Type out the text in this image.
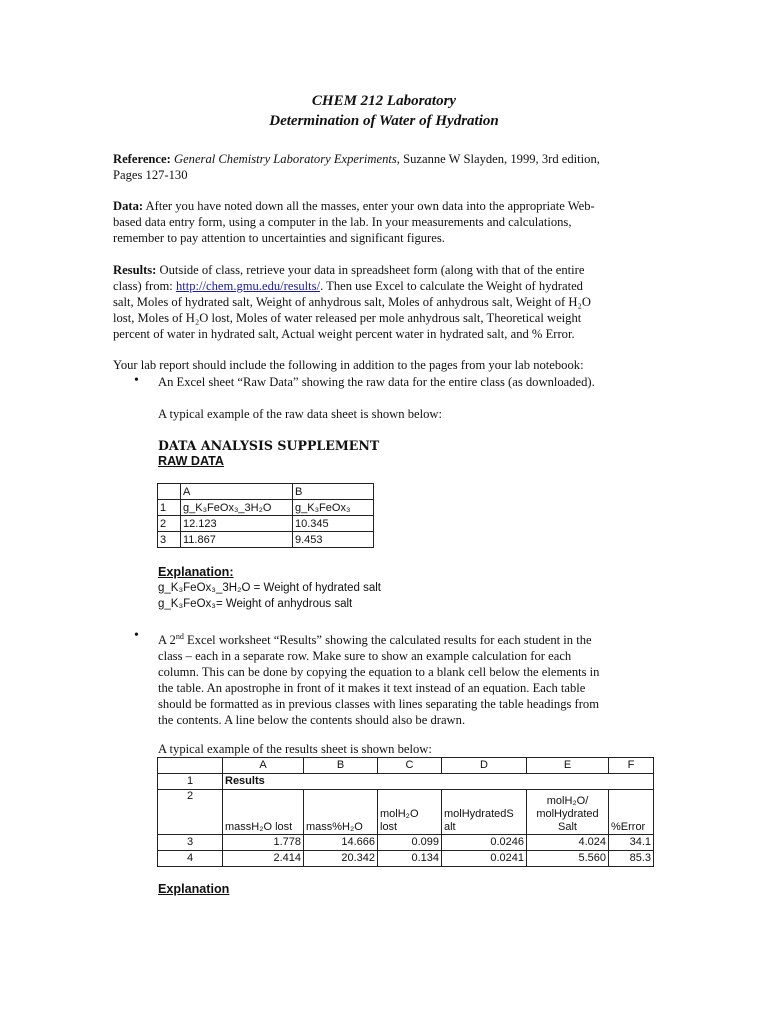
CHEM 212 Laboratory
Determination of Water of Hydration

Reference: General Chemistry Laboratory Experiments, Suzanne W Slayden, 1999, 3rd edition,
Pages 127-130

Data: After you have noted down all the masses, enter your own data into the appropriate Web-
based data entry form, using a computer in the lab. In your measurements and calculations,
remember to pay attention to uncertainties and significant figures.

Results: Outside of class, retrieve your data in spreadsheet form (along with that of the entire
class) from: http://chem.gmu.edu/results/. Then use Excel to calculate the Weight of hydrated
salt, Moles of hydrated salt, Weight of anhydrous salt, Moles of anhydrous salt, Weight of H₂O
lost, Moles of H₂O lost, Moles of water released per mole anhydrous salt, Theoretical weight
percent of water in hydrated salt, Actual weight percent water in hydrated salt, and % Error.

Your lab report should include the following in addition to the pages from your lab notebook:

• An Excel sheet “Raw Data” showing the raw data for the entire class (as downloaded).

A typical example of the raw data sheet is shown below:

DATA ANALYSIS SUPPLEMENT
RAW DATA
	A	B
1	g_K₃FeOx₃_3H₂O	g_K₃FeOx₃
2	12.123	10.345
3	11.867	9.453
Explanation:
g_K₃FeOx₃_3H₂O = Weight of hydrated salt
g_K₃FeOx₃= Weight of anhydrous salt
• A 2nd Excel worksheet “Results” showing the calculated results for each student in the
class – each in a separate row. Make sure to show an example calculation for each
column. This can be done by copying the equation to a blank cell below the elements in
the table. An apostrophe in front of it makes it text instead of an equation. Each table
should be formatted as in previous classes with lines separating the table headings from
the contents. A line below the contents should also be drawn.

A typical example of the results sheet is shown below:

	A	B	C	D	E	F
1	Results					
2	massH₂O lost	mass%H₂O	molH₂O
lost	molHydratedS
alt	molH₂O/
molHydrated
Salt	%Error
3	1.778	14.666	0.099	0.0246	4.024	34.1
4	2.414	20.342	0.134	0.0241	5.560	85.3
Explanation
